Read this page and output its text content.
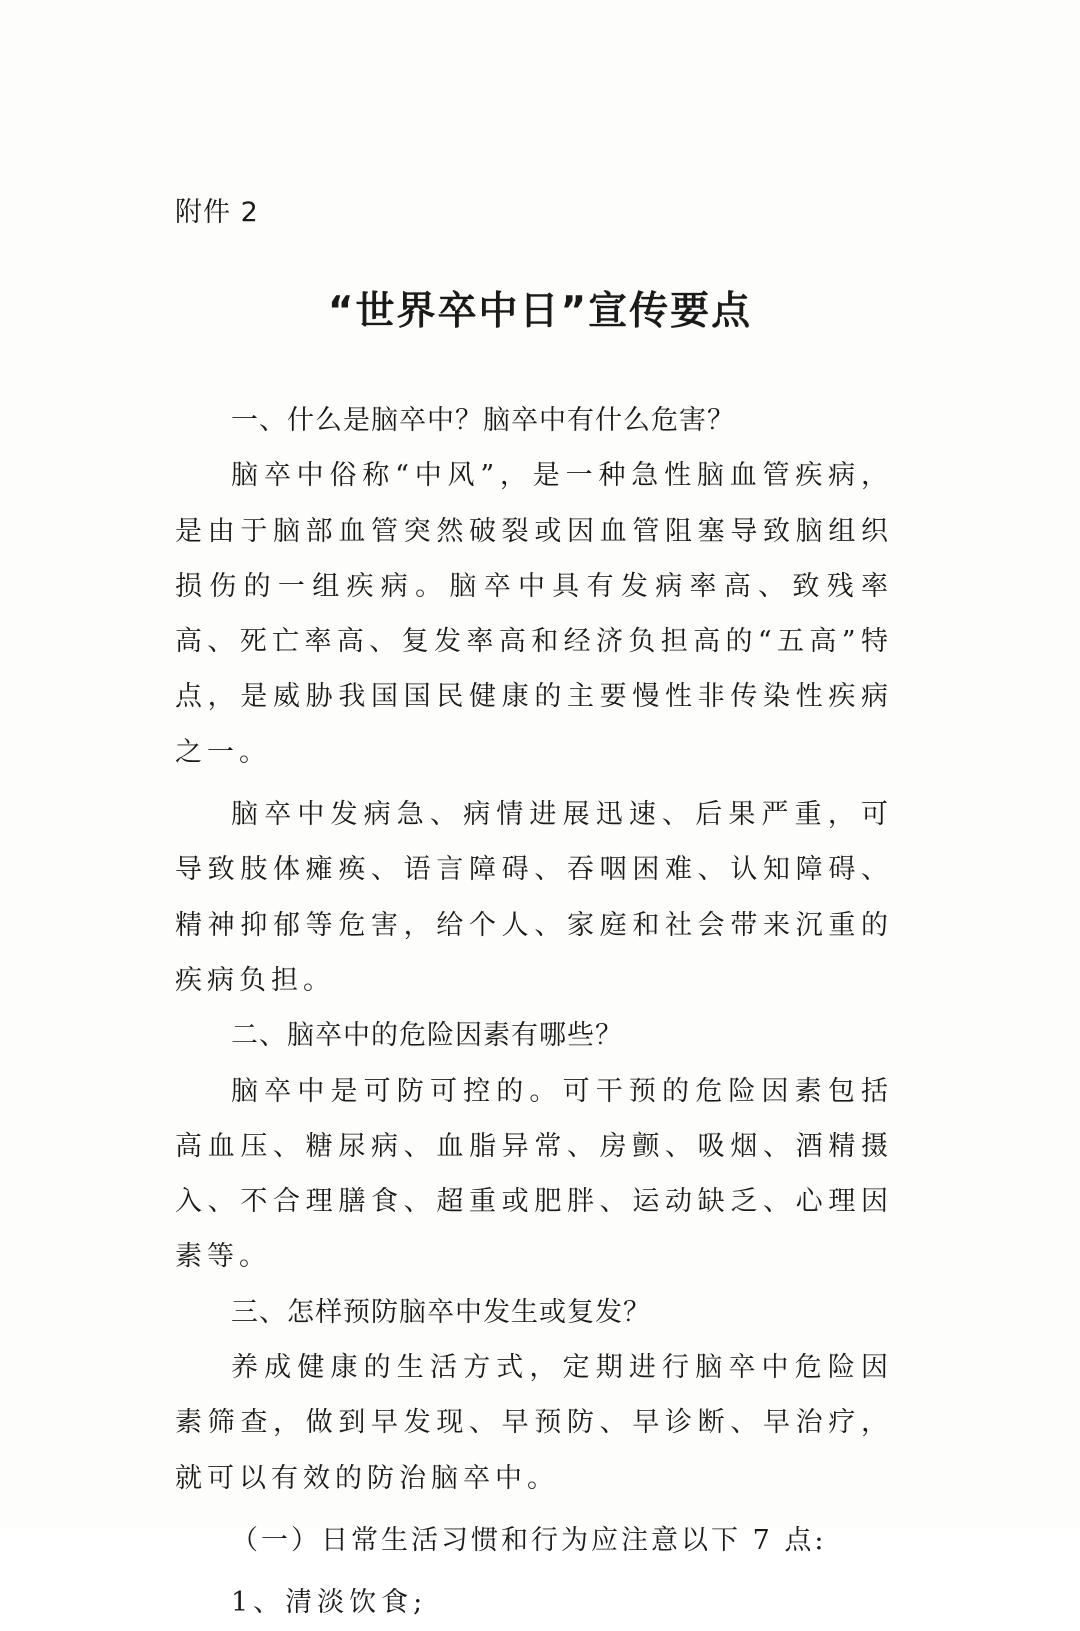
附件 2

“世界卒中日”宣传要点

一、什么是脑卒中？脑卒中有什么危害？

脑卒中俗称“中风”，是一种急性脑血管疾病，是由于脑部血管突然破裂或因血管阻塞导致脑组织损伤的一组疾病。脑卒中具有发病率高、致残率高、死亡率高、复发率高和经济负担高的“五高”特点，是威胁我国国民健康的主要慢性非传染性疾病之一。

脑卒中发病急、病情进展迅速、后果严重，可导致肢体瘫痪、语言障碍、吞咽困难、认知障碍、精神抑郁等危害，给个人、家庭和社会带来沉重的疾病负担。

二、脑卒中的危险因素有哪些？

脑卒中是可防可控的。可干预的危险因素包括高血压、糖尿病、血脂异常、房颤、吸烟、酒精摄入、不合理膳食、超重或肥胖、运动缺乏、心理因素等。

三、怎样预防脑卒中发生或复发？

养成健康的生活方式，定期进行脑卒中危险因素筛查，做到早发现、早预防、早诊断、早治疗，就可以有效的防治脑卒中。

（一）日常生活习惯和行为应注意以下 7 点:

1、清淡饮食;
